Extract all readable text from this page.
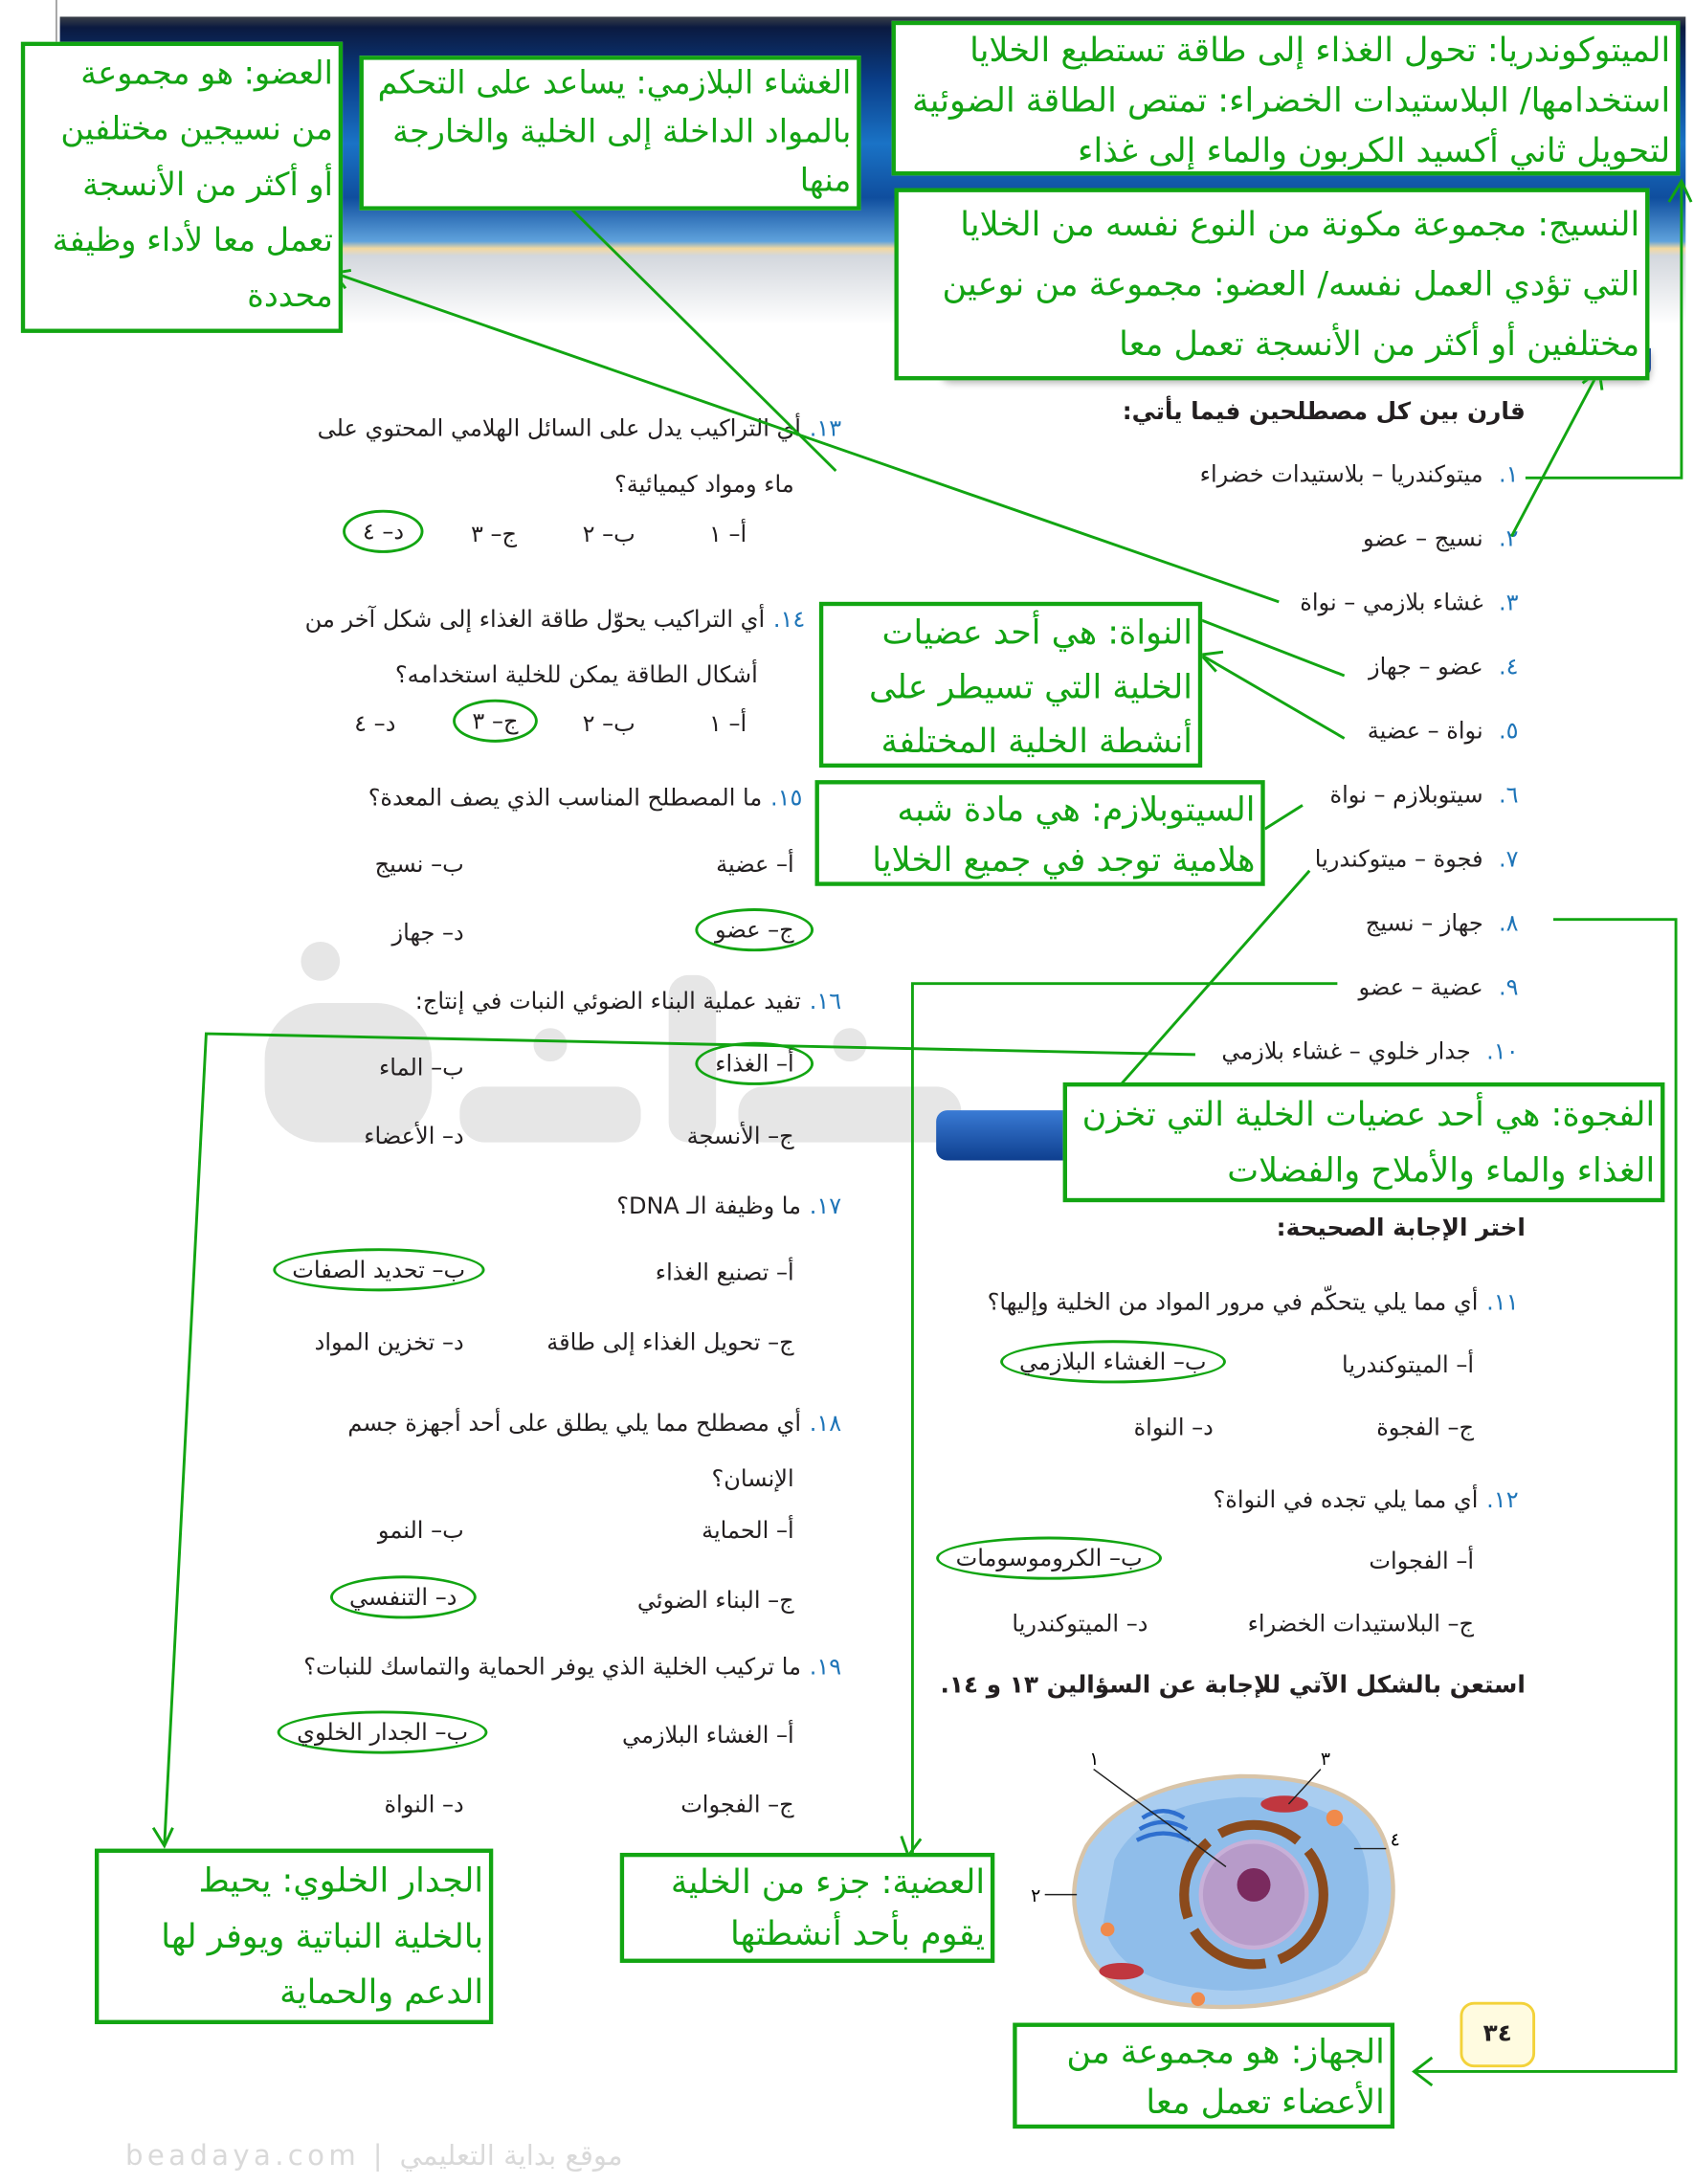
beadaya.com | موقع بداية التعليمي
قارن بين كل مصطلحين فيما يأتي:
١. ميتوكندريا – بلاستيدات خضراء
٢. نسيج – عضو
٣. غشاء بلازمي – نواة
٤. عضو – جهاز
٥. نواة – عضية
٦. سيتوبلازم – نواة
٧. فجوة – ميتوكندريا
٨. جهاز – نسيج
٩. عضية – عضو
١٠. جدار خلوي – غشاء بلازمي
اختر الإجابة الصحيحة:
١١.أي مما يلي يتحكّم في مرور المواد من الخلية وإليها؟
أ– الميتوكندريا
ب– الغشاء البلازمي
ج– الفجوة
د– النواة
١٢.أي مما يلي تجده في النواة؟
أ– الفجوات
ب– الكروموسومات
ج– البلاستيدات الخضراء
د– الميتوكندريا
استعن بالشكل الآتي للإجابة عن السؤالين ١٣ و ١٤.
١
٢
٣
٤
٣٤
١٣.أي التراكيب يدل على السائل الهلامي المحتوي على
ماء ومواد كيميائية؟
أ– ١
ب– ٢
ج– ٣
د– ٤
١٤.أي التراكيب يحوّل طاقة الغذاء إلى شكل آخر من
أشكال الطاقة يمكن للخلية استخدامه؟
أ– ١
ب– ٢
ج– ٣
د– ٤
١٥.ما المصطلح المناسب الذي يصف المعدة؟
أ– عضية
ب– نسيج
ج– عضو
د– جهاز
١٦.تفيد عملية البناء الضوئي النبات في إنتاج:
أ– الغذاء
ب– الماء
ج– الأنسجة
د– الأعضاء
١٧.ما وظيفة الـ DNA؟
أ– تصنيع الغذاء
ب– تحديد الصفات
ج– تحويل الغذاء إلى طاقة
د– تخزين المواد
١٨.أي مصطلح مما يلي يطلق على أحد أجهزة جسم
الإنسان؟
أ– الحماية
ب– النمو
ج– البناء الضوئي
د– التنفسي
١٩.ما تركيب الخلية الذي يوفر الحماية والتماسك للنبات؟
أ– الغشاء البلازمي
ب– الجدار الخلوي
ج– الفجوات
د– النواة
الميتوكوندريا: تحول الغذاء إلى طاقة تستطيع الخلايا استخدامها/ البلاستيدات الخضراء: تمتص الطاقة الضوئية لتحويل ثاني أكسيد الكربون والماء إلى غذاء
النسيج: مجموعة مكونة من النوع نفسه من الخلايا التي تؤدي العمل نفسه/ العضو: مجموعة من نوعين مختلفين أو أكثر من الأنسجة تعمل معا
الغشاء البلازمي: يساعد على التحكم بالمواد الداخلة إلى الخلية والخارجة منها
العضو: هو مجموعة من نسيجين مختلفين أو أكثر من الأنسجة تعمل معا لأداء وظيفة محددة
النواة: هي أحد عضيات الخلية التي تسيطر على أنشطة الخلية المختلفة
السيتوبلازم: هي مادة شبه هلامية توجد في جميع الخلايا
الفجوة: هي أحد عضيات الخلية التي تخزن الغذاء والماء والأملاح والفضلات
العضية: جزء من الخلية يقوم بأحد أنشطتها
الجدار الخلوي: يحيط بالخلية النباتية ويوفر لها الدعم والحماية
الجهاز: هو مجموعة من الأعضاء تعمل معا
